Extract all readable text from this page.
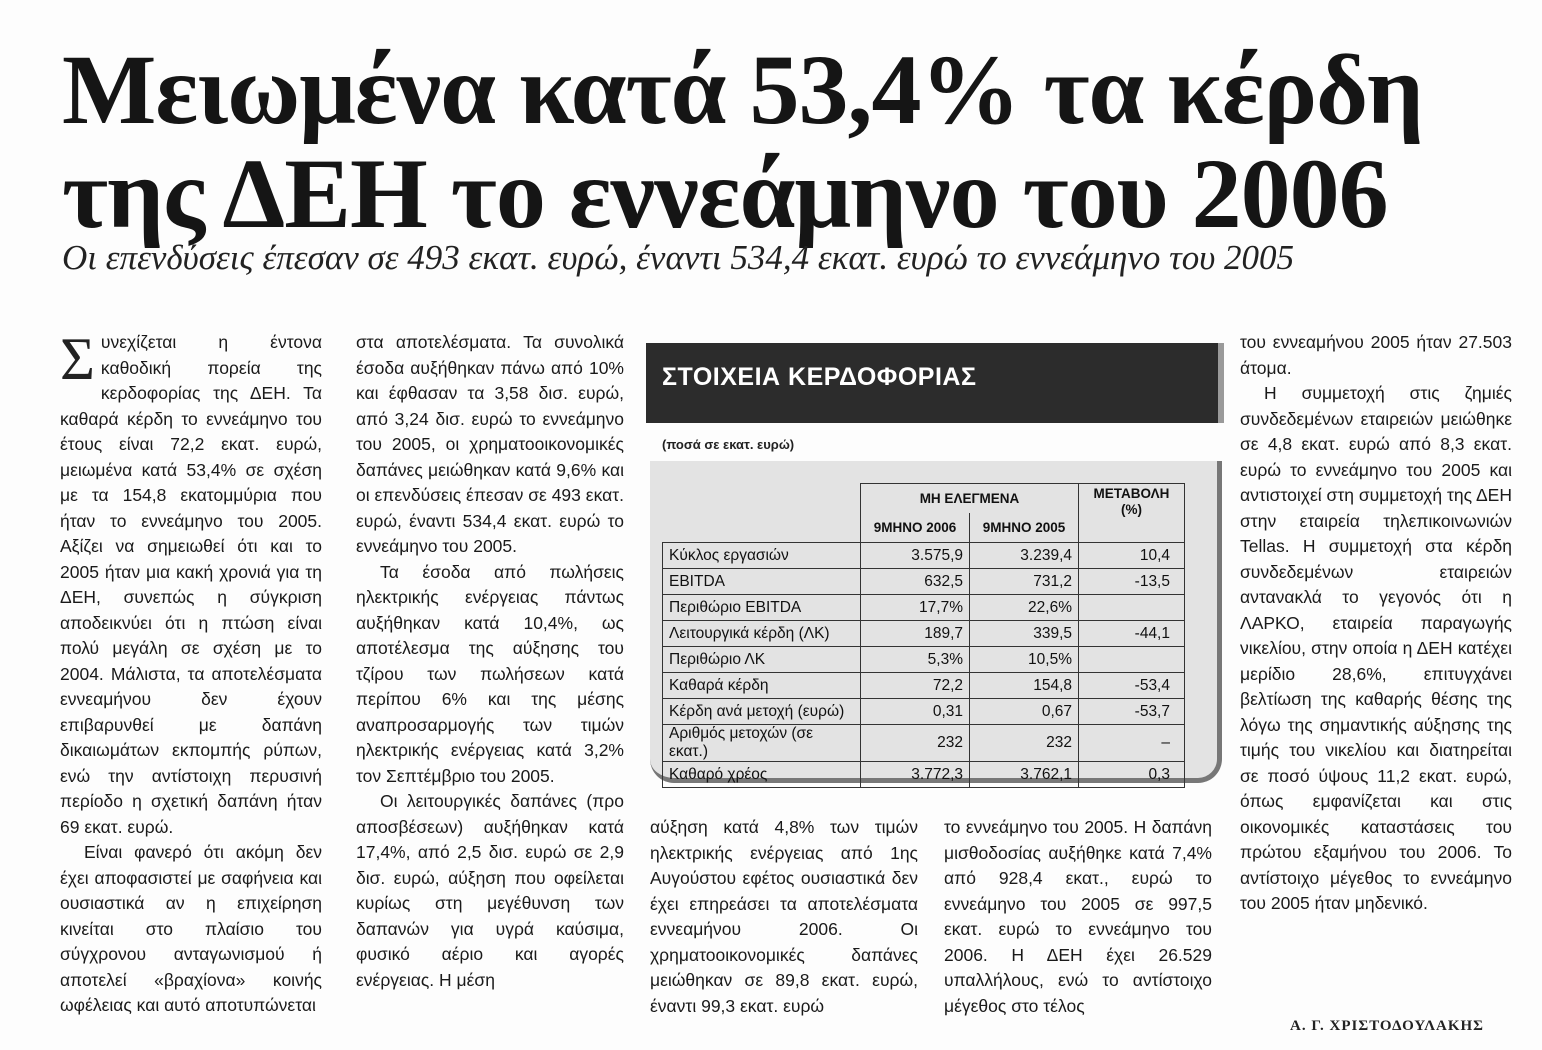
Μειωμένα κατά 53,4% τα κέρδη
της ΔΕΗ το εννεάμηνο του 2006
Οι επενδύσεις έπεσαν σε 493 εκατ. ευρώ, έναντι 534,4 εκατ. ευρώ το εννεάμηνο του 2005

Συνεχίζεται η έντονα καθοδική πορεία της κερδοφορίας της ΔΕΗ. Τα καθαρά κέρδη το εννεάμηνο του έτους είναι 72,2 εκατ. ευρώ, μειωμένα κατά 53,4% σε σχέση με τα 154,8 εκατομμύρια που ήταν το εννεάμηνο του 2005. Αξίζει να σημειωθεί ότι και το 2005 ήταν μια κακή χρονιά για τη ΔΕΗ, συνεπώς η σύγκριση αποδεικνύει ότι η πτώση είναι πολύ μεγάλη σε σχέση με το 2004. Μάλιστα, τα αποτελέσματα εννεαμήνου δεν έχουν επιβαρυνθεί με δαπάνη δικαιωμάτων εκπομπής ρύπων, ενώ την αντίστοιχη περυσινή περίοδο η σχετική δαπάνη ήταν 69 εκατ. ευρώ.

Είναι φανερό ότι ακόμη δεν έχει αποφασιστεί με σαφήνεια και ουσιαστικά αν η επιχείρηση κινείται στο πλαίσιο του σύγχρονου ανταγωνισμού ή αποτελεί «βραχίονα» κοινής ωφέλειας και αυτό αποτυπώνεται

στα αποτελέσματα. Τα συνολικά έσοδα αυξήθηκαν πάνω από 10% και έφθασαν τα 3,58 δισ. ευρώ, από 3,24 δισ. ευρώ το εννεάμηνο του 2005, οι χρηματοοικονομικές δαπάνες μειώθηκαν κατά 9,6% και οι επενδύσεις έπεσαν σε 493 εκατ. ευρώ, έναντι 534,4 εκατ. ευρώ το εννεάμηνο του 2005.

Τα έσοδα από πωλήσεις ηλεκτρικής ενέργειας πάντως αυξήθηκαν κατά 10,4%, ως αποτέλεσμα της αύξησης του τζίρου των πωλήσεων κατά περίπου 6% και της μέσης αναπροσαρμογής των τιμών ηλεκτρικής ενέργειας κατά 3,2% τον Σεπτέμβριο του 2005.

Οι λειτουργικές δαπάνες (προ αποσβέσεων) αυξήθηκαν κατά 17,4%, από 2,5 δισ. ευρώ σε 2,9 δισ. ευρώ, αύξηση που οφείλεται κυρίως στη μεγέθυνση των δαπανών για υγρά καύσιμα, φυσικό αέριο και αγορές ενέργειας. Η μέση

ΣΤΟΙΧΕΙΑ ΚΕΡΔΟΦΟΡΙΑΣ
(ποσά σε εκατ. ευρώ)
	ΜΗ ΕΛΕΓΜΕΝΑ		ΜΕΤΑΒΟΛΗ
(%)
	9ΜΗΝΟ 2006	9ΜΗΝΟ 2005	
Κύκλος εργασιών	3.575,9	3.239,4	10,4
EBITDA	632,5	731,2	-13,5
Περιθώριο EBITDA	17,7%	22,6%	
Λειτουργικά κέρδη (ΛΚ)	189,7	339,5	-44,1
Περιθώριο ΛΚ	5,3%	10,5%	
Καθαρά κέρδη	72,2	154,8	-53,4
Κέρδη ανά μετοχή (ευρώ)	0,31	0,67	-53,7
Αριθμός μετοχών (σε εκατ.)	232	232	–
Καθαρό χρέος	3.772,3	3.762,1	0,3

αύξηση κατά 4,8% των τιμών ηλεκτρικής ενέργειας από 1ης Αυγούστου εφέτος ουσιαστικά δεν έχει επηρεάσει τα αποτελέσματα εννεαμήνου 2006. Οι χρηματοοικονομικές δαπάνες μειώθηκαν σε 89,8 εκατ. ευρώ, έναντι 99,3 εκατ. ευρώ

το εννεάμηνο του 2005. Η δαπάνη μισθοδοσίας αυξήθηκε κατά 7,4% από 928,4 εκατ., ευρώ το εννεάμηνο του 2005 σε 997,5 εκατ. ευρώ το εννεάμηνο του 2006. Η ΔΕΗ έχει 26.529 υπαλλήλους, ενώ το αντίστοιχο μέγεθος στο τέλος

του εννεαμήνου 2005 ήταν 27.503 άτομα.

Η συμμετοχή στις ζημιές συνδεδεμένων εταιρειών μειώθηκε σε 4,8 εκατ. ευρώ από 8,3 εκατ. ευρώ το εννεάμηνο του 2005 και αντιστοιχεί στη συμμετοχή της ΔΕΗ στην εταιρεία τηλεπικοινωνιών Tellas. Η συμμετοχή στα κέρδη συνδεδεμένων εταιρειών αντανακλά το γεγονός ότι η ΛΑΡΚΟ, εταιρεία παραγωγής νικελίου, στην οποία η ΔΕΗ κατέχει μερίδιο 28,6%, επιτυγχάνει βελτίωση της καθαρής θέσης της λόγω της σημαντικής αύξησης της τιμής του νικελίου και διατηρείται σε ποσό ύψους 11,2 εκατ. ευρώ, όπως εμφανίζεται και στις οικονομικές καταστάσεις του πρώτου εξαμήνου του 2006. Το αντίστοιχο μέγεθος το εννεάμηνο του 2005 ήταν μηδενικό.

Α. Γ. ΧΡΙΣΤΟΔΟΥΛΑΚΗΣ
